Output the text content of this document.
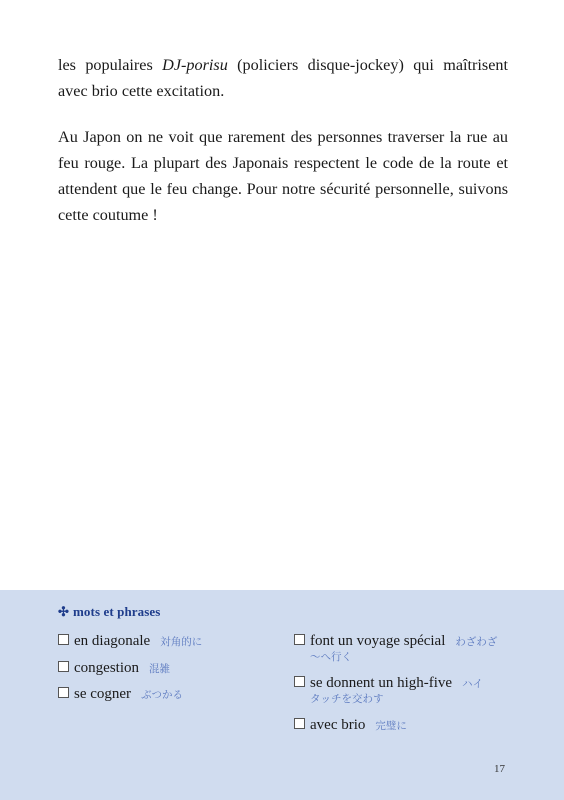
les populaires DJ-porisu (policiers disque-jockey) qui maîtrisent avec brio cette excitation.

Au Japon on ne voit que rarement des personnes traverser la rue au feu rouge. La plupart des Japonais respectent le code de la route et attendent que le feu change. Pour notre sécurité personnelle, suivons cette coutume !

✣ mots et phrases
en diagonale 対角的に
congestion 混雑
se cogner ぶつかる
font un voyage spécial わざわざ
〜へ行く
se donnent un high-five ハイ
タッチを交わす
avec brio 完璧に
17
